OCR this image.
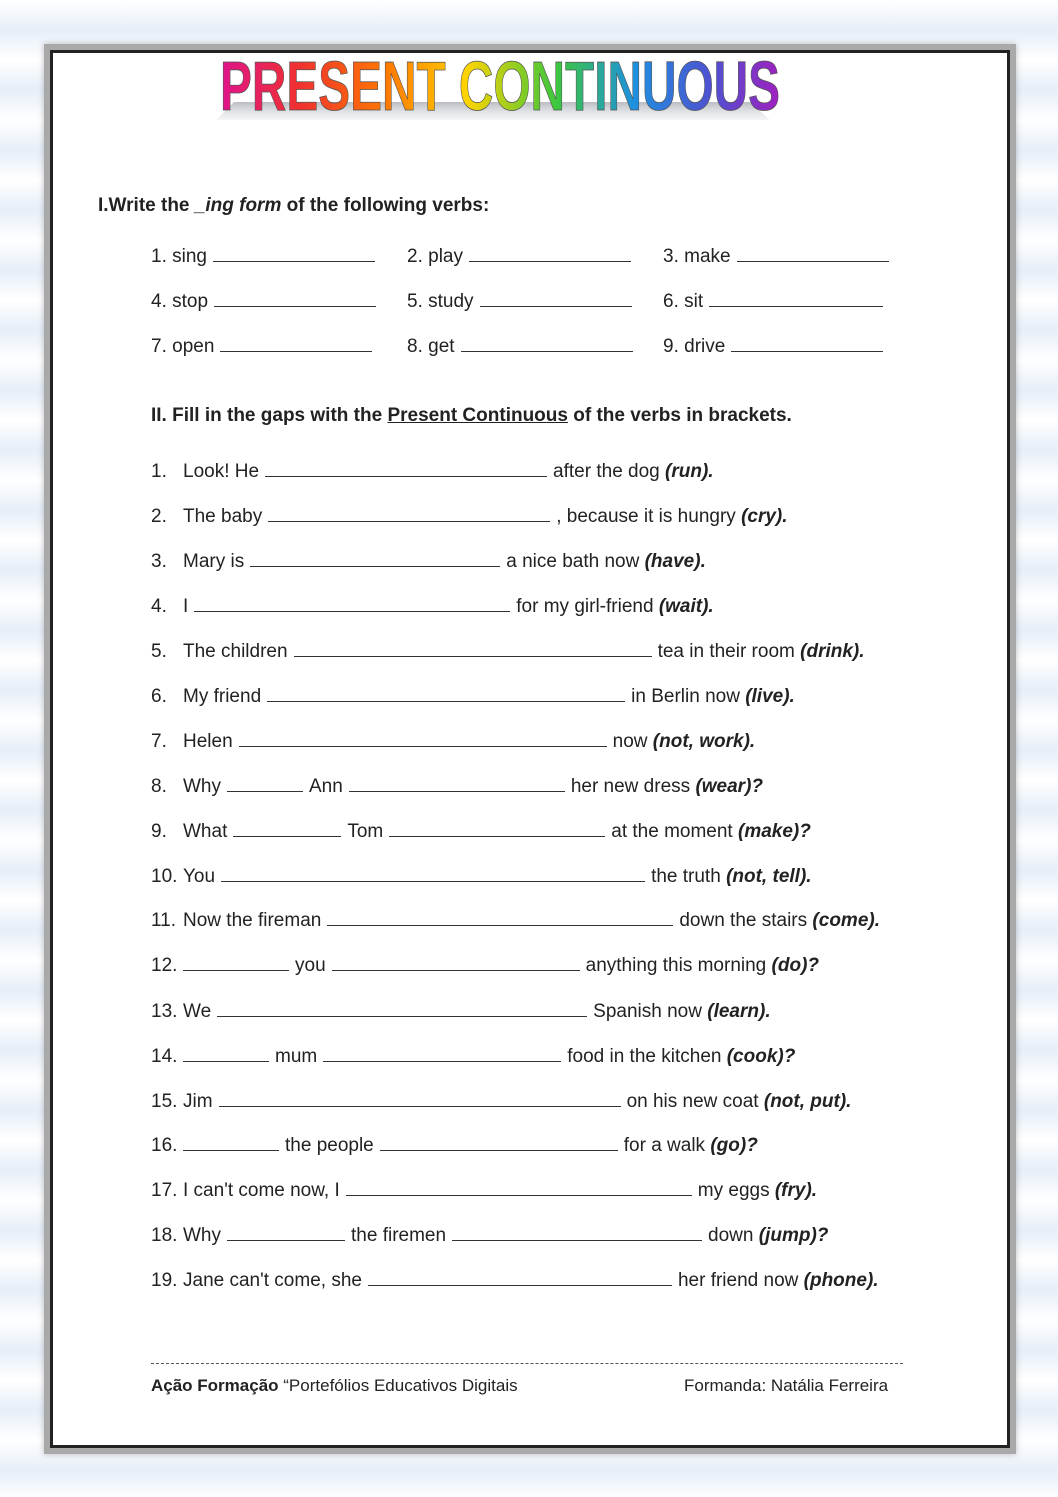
PRESENT CONTINUOUS
I.Write the _ing form of the following verbs:
1. sing	2. play	3. make
4. stop	5. study	6. sit
7. open	8. get	9. drive
II. Fill in the gaps with the Present Continuous of the verbs in brackets.
1. Look! He	after the dog (run).
2. The baby	, because it is hungry (cry).
3. Mary is	a nice bath now (have).
4. I	for my girl-friend (wait).
5. The children	tea in their room (drink).
6. My friend	in Berlin now (live).
7. Helen	now (not, work).
8. Why	Ann	her new dress (wear)?
9. What	Tom	at the moment (make)?
10. You	the truth (not, tell).
11. Now the fireman	down the stairs (come).
12.	you	anything this morning (do)?
13. We	Spanish now (learn).
14.	mum	food in the kitchen (cook)?
15. Jim	on his new coat (not, put).
16.	the people	for a walk (go)?
17. I can't come now, I	my eggs (fry).
18. Why	the firemen	down (jump)?
19. Jane can't come, she	her friend now (phone).
Ação Formação “Portefólios Educativos Digitais	Formanda: Natália Ferreira
